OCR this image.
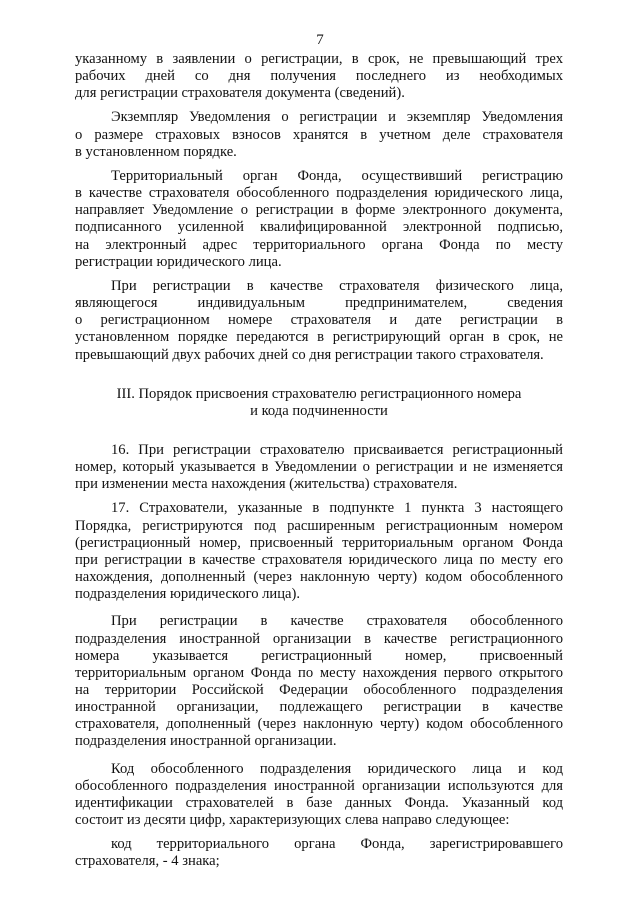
7

указанному в заявлении о регистрации, в срок, не превышающий трех
рабочих дней со дня получения последнего из необходимых
для регистрации страхователя документа (сведений).

Экземпляр Уведомления о регистрации и экземпляр Уведомления
о размере страховых взносов хранятся в учетном деле страхователя
в установленном порядке.

Территориальный орган Фонда, осуществивший регистрацию
в качестве страхователя обособленного подразделения юридического лица,
направляет Уведомление о регистрации в форме электронного документа,
подписанного усиленной квалифицированной электронной подписью,
на электронный адрес территориального органа Фонда по месту
регистрации юридического лица.

При регистрации в качестве страхователя физического лица,
являющегося индивидуальным предпринимателем, сведения
о регистрационном номере страхователя и дате регистрации в
установленном порядке передаются в регистрирующий орган в срок, не
превышающий двух рабочих дней со дня регистрации такого страхователя.

III. Порядок присвоения страхователю регистрационного номера
и кода подчиненности

16. При регистрации страхователю присваивается регистрационный
номер, который указывается в Уведомлении о регистрации и не изменяется
при изменении места нахождения (жительства) страхователя.

17. Страхователи, указанные в подпункте 1 пункта 3 настоящего
Порядка, регистрируются под расширенным регистрационным номером
(регистрационный номер, присвоенный территориальным органом Фонда
при регистрации в качестве страхователя юридического лица по месту его
нахождения, дополненный (через наклонную черту) кодом обособленного
подразделения юридического лица).

При регистрации в качестве страхователя обособленного
подразделения иностранной организации в качестве регистрационного
номера указывается регистрационный номер, присвоенный
территориальным органом Фонда по месту нахождения первого открытого
на территории Российской Федерации обособленного подразделения
иностранной организации, подлежащего регистрации в качестве
страхователя, дополненный (через наклонную черту) кодом обособленного
подразделения иностранной организации.

Код обособленного подразделения юридического лица и код
обособленного подразделения иностранной организации используются для
идентификации страхователей в базе данных Фонда. Указанный код
состоит из десяти цифр, характеризующих слева направо следующее:

код территориального органа Фонда, зарегистрировавшего
страхователя, - 4 знака;
